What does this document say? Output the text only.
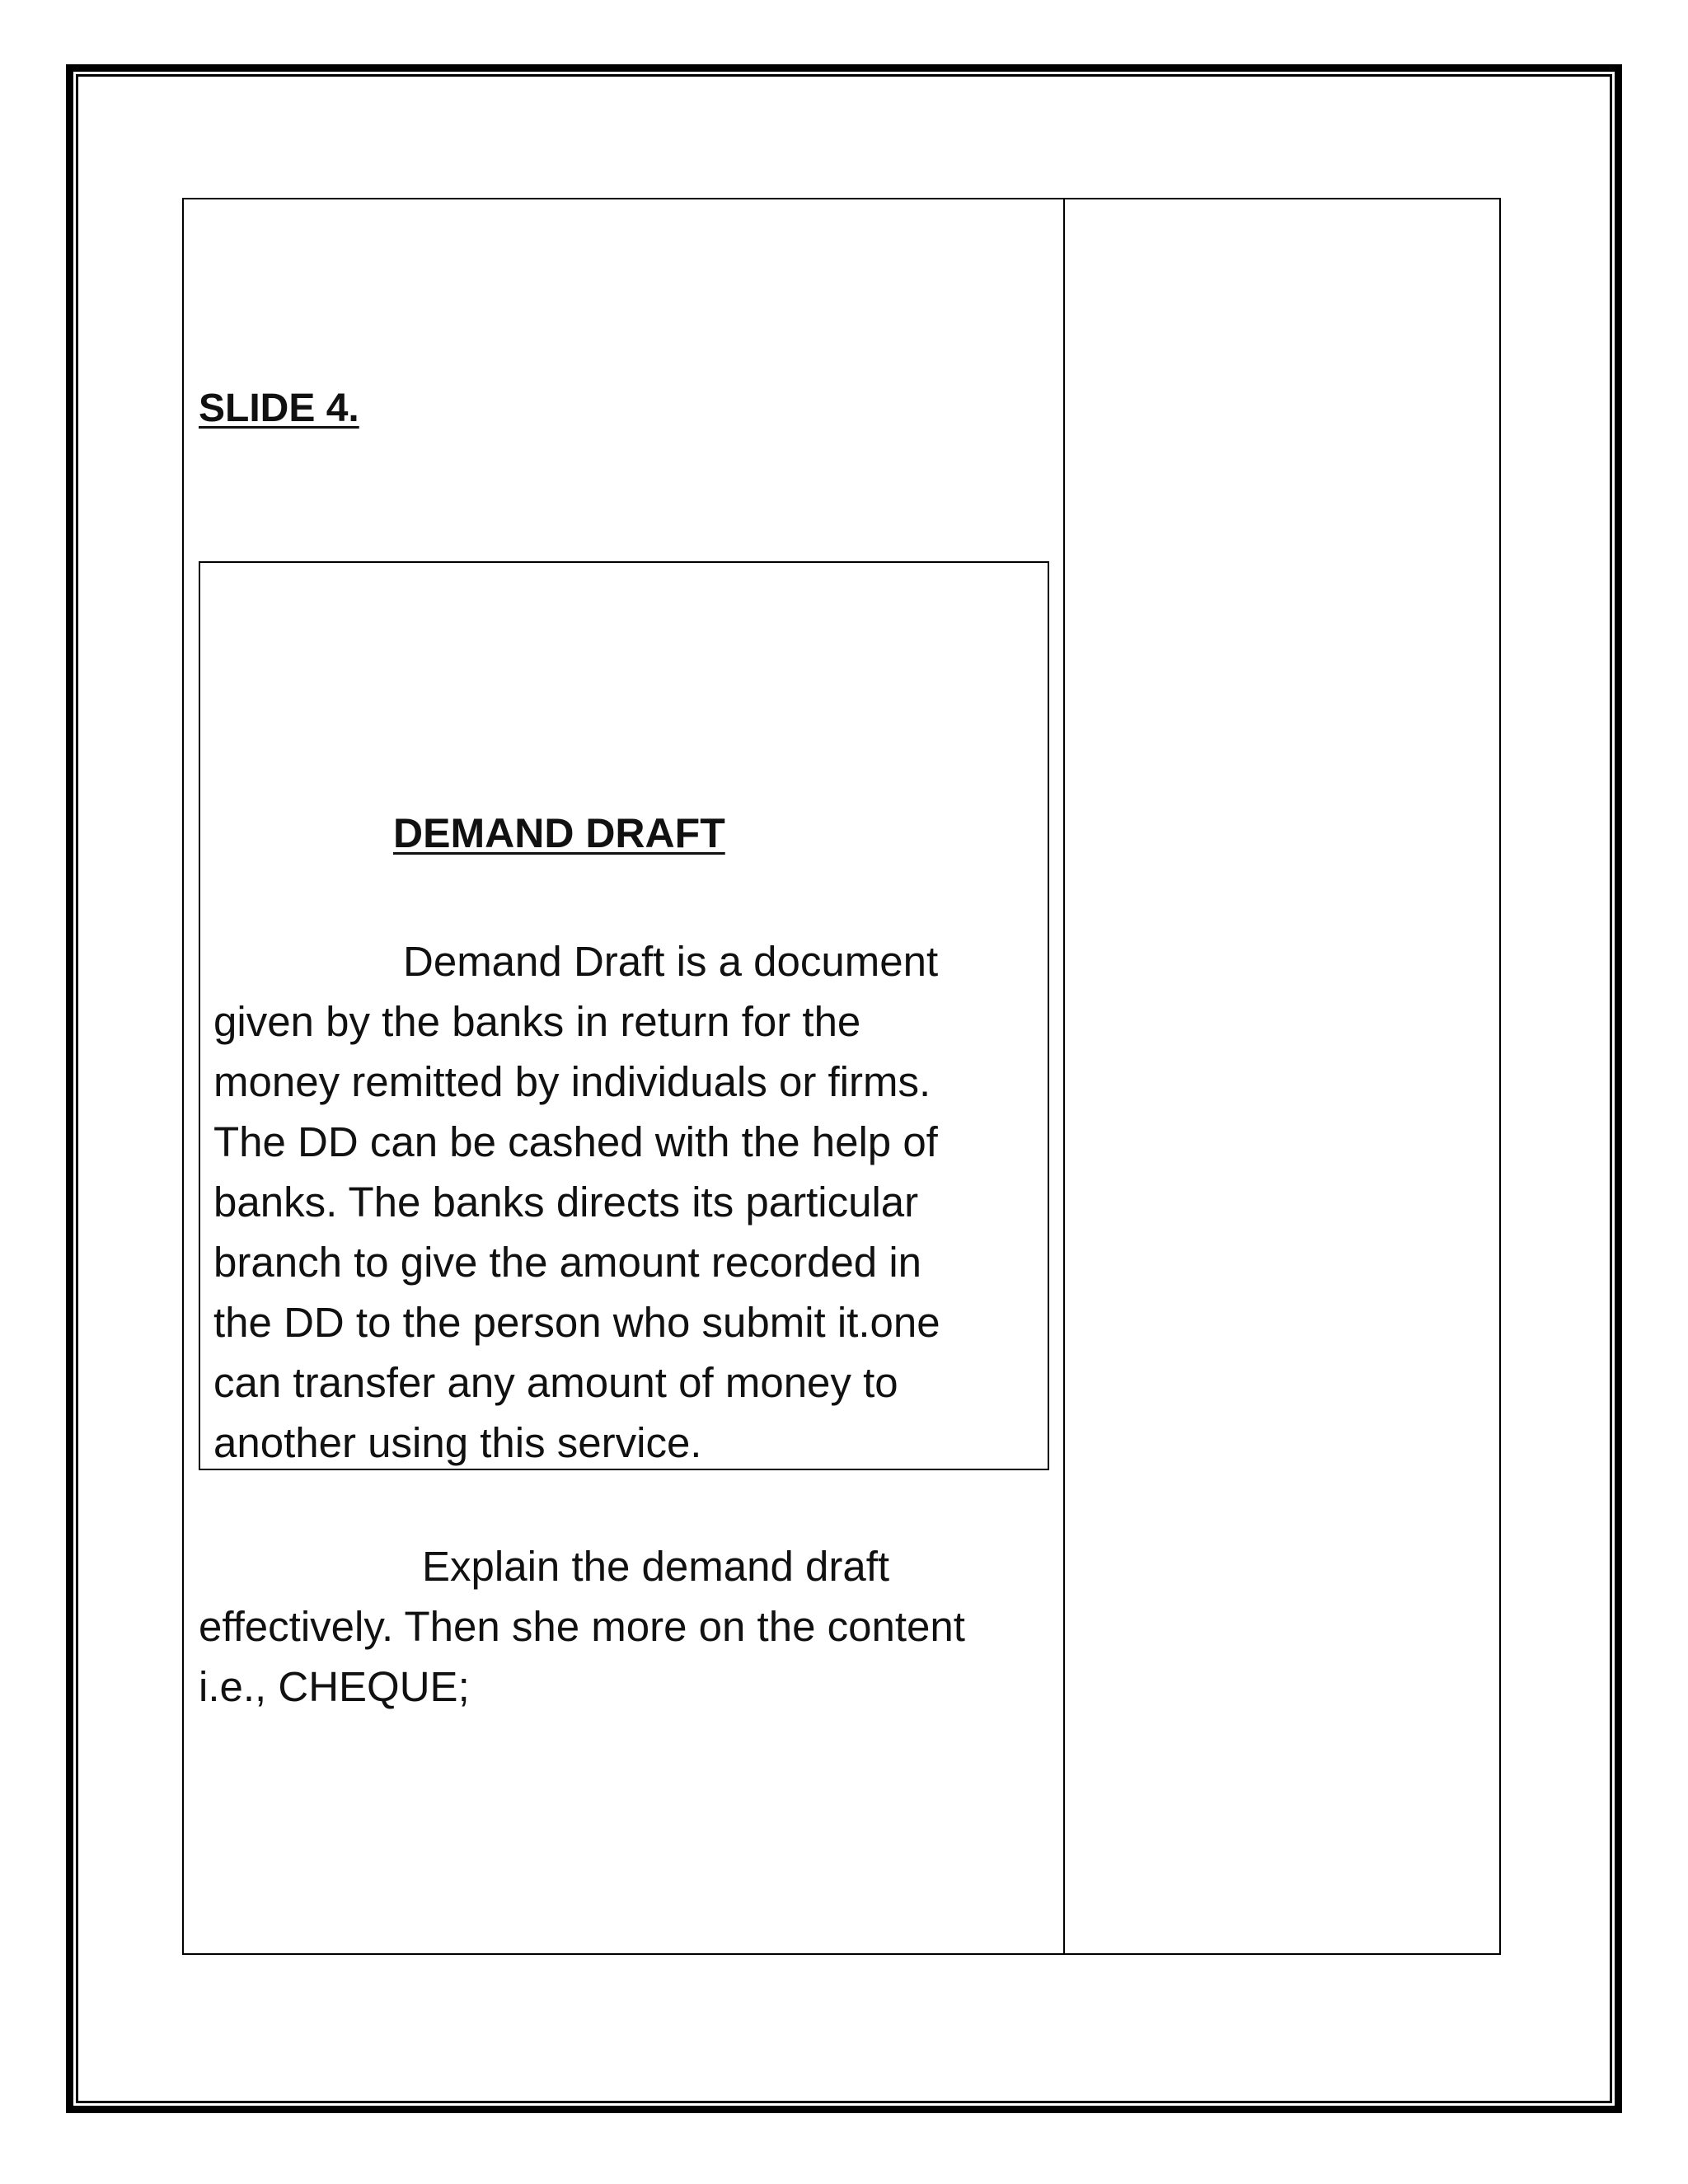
SLIDE 4.
DEMAND DRAFT
Demand Draft is a document
given by the banks in return for the
money remitted by individuals or firms.
The DD can be cashed with the help of
banks. The banks directs its particular
branch to give the amount recorded in
the DD to the person who submit it.one
can transfer any amount of money to
another using this service.
Explain the demand draft
effectively. Then she more on the content
i.e., CHEQUE;
